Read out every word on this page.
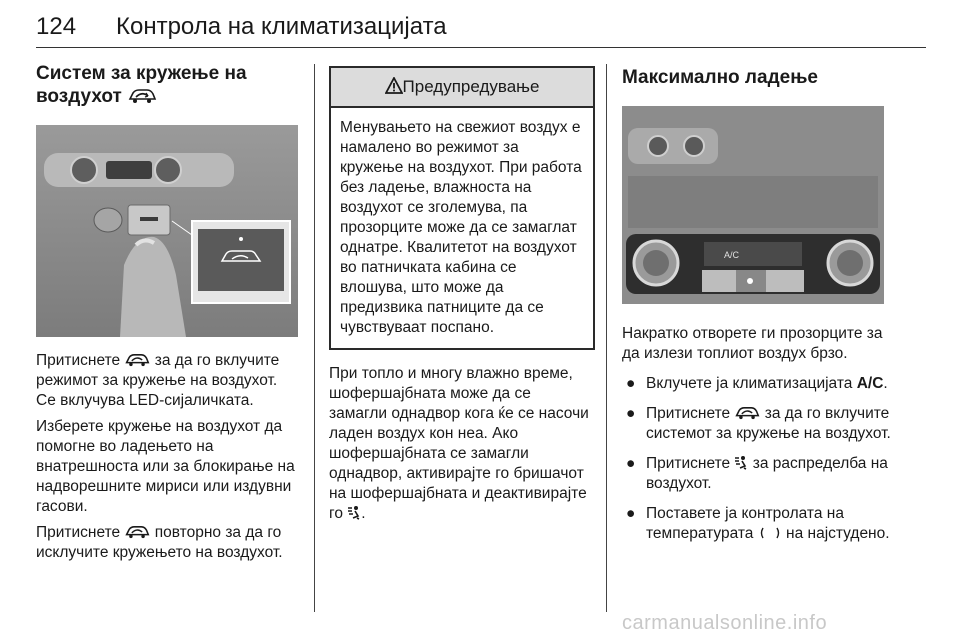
124 Контрола на климатизацијата
Систем за кружење на
воздухот

Притиснете  за да го вклучите режимот за кружење на воздухот. Се вклучува LED-сијаличката.

Изберете кружење на воздухот да помогне во ладењето на внатрешноста или за блокирање на надворешните мириси или издувни гасови.

Притиснете  повторно за да го исклучите кружењето на воздухот.

Предупредување
Менувањето на свежиот воздух е намалено во режимот за кружење на воздухот. При работа без ладење, влажноста на воздухот се зголемува, па прозорците може да се замаглат однатре. Квалитетот на воздухот во патничката кабина се влошува, што може да предизвика патниците да се чувствуваат поспано.

При топло и многу влажно време, шофершајбната може да се замагли однадвор кога ќе се насочи ладен воздух кон неа. Ако шофершајбната се замагли однадвор, активирајте го бришачот на шофершајбната и деактивирајте го .

Максимално ладење
A/C

Накратко отворете ги прозорците за да излези топлиот воздух брзо.

● Вклучете ја климатизацијата A/C.
● Притиснете  за да го вклучите системот за кружење на воздухот.
● Притиснете  за распределба на воздухот.
● Поставете ја контролата на температурата  на најстудено.
carmanualsonline.info
